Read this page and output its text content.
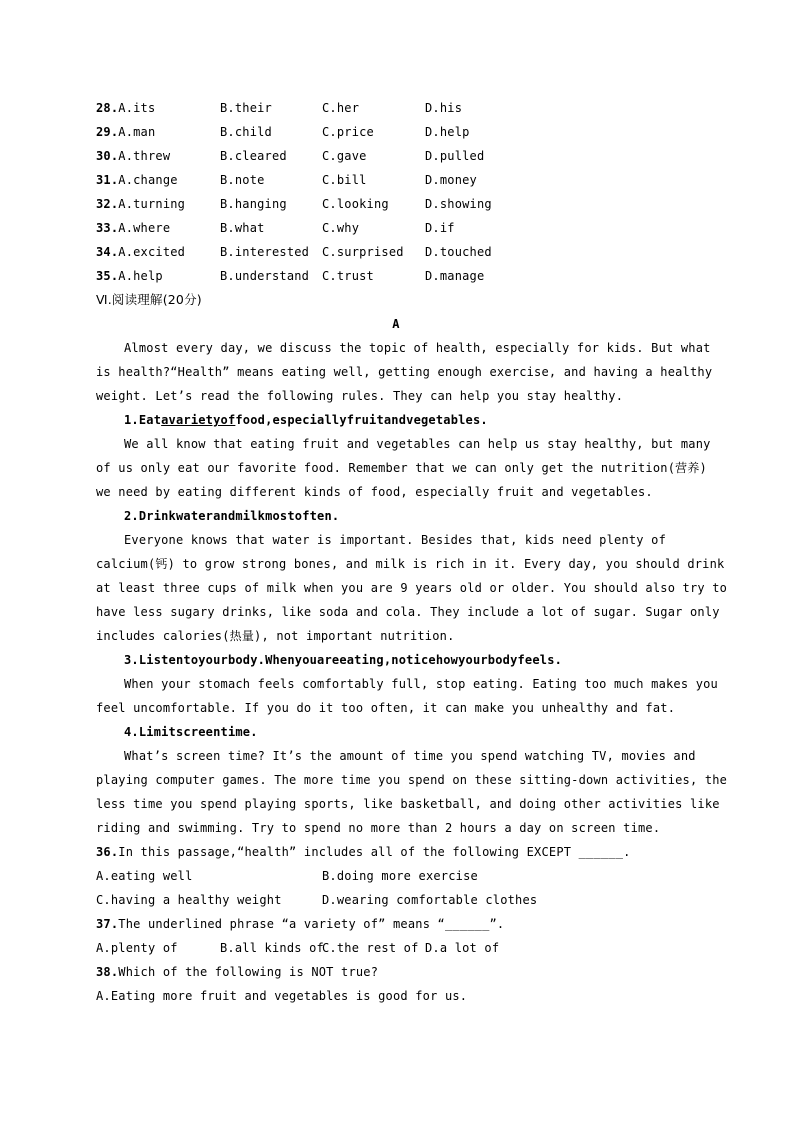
28.A.its	B.their	C.her	D.his
29.A.man	B.child	C.price	D.help
30.A.threw	B.cleared	C.gave	D.pulled
31.A.change	B.note	C.bill	D.money
32.A.turning	B.hanging	C.looking	D.showing
33.A.where	B.what	C.why	D.if
34.A.excited	B.interested C.surprised D.touched
35.A.help	B.understand C.trust	D.manage
Ⅵ.阅读理解(20分)
A
Almost every day, we discuss the topic of health, especially for kids. But what
is health?“Health” means eating well, getting enough exercise, and having a healthy
weight. Let’s read the following rules. They can help you stay healthy.
1.Eatavarietyoffood,especiallyfruitandvegetables.
We all know that eating fruit and vegetables can help us stay healthy, but many
of us only eat our favorite food. Remember that we can only get the nutrition(营养)
we need by eating different kinds of food, especially fruit and vegetables.
2.Drinkwaterandmilkmostoften.
Everyone knows that water is important. Besides that, kids need plenty of
calcium(钙) to grow strong bones, and milk is rich in it. Every day, you should drink
at least three cups of milk when you are 9 years old or older. You should also try to
have less sugary drinks, like soda and cola. They include a lot of sugar. Sugar only
includes calories(热量), not important nutrition.
3.Listentoyourbody.Whenyouareeating,noticehowyourbodyfeels.
When your stomach feels comfortably full, stop eating. Eating too much makes you
feel uncomfortable. If you do it too often, it can make you unhealthy and fat.
4.Limitscreentime.
What’s screen time? It’s the amount of time you spend watching TV, movies and
playing computer games. The more time you spend on these sitting-down activities, the
less time you spend playing sports, like basketball, and doing other activities like
riding and swimming. Try to spend no more than 2 hours a day on screen time.
36.In this passage,“health” includes all of the following EXCEPT ______.
A.eating well	B.doing more exercise
C.having a healthy weight	D.wearing comfortable clothes
37.The underlined phrase “a variety of” means “______”.
A.plenty of	B.all kinds of
C.the rest of D.a lot of
38.Which of the following is NOT true?
A.Eating more fruit and vegetables is good for us.
